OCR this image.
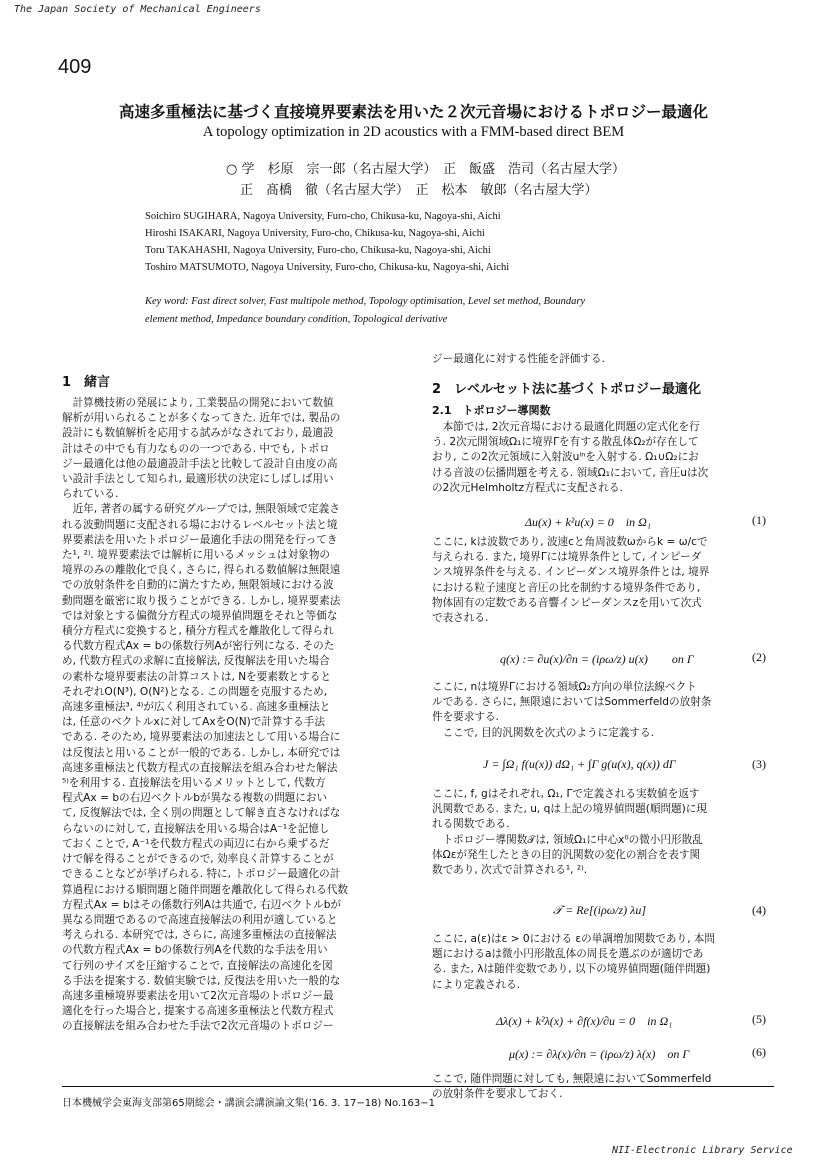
The Japan Society of Mechanical Engineers
409
高速多重極法に基づく直接境界要素法を用いた２次元音場におけるトポロジー最適化
A topology optimization in 2D acoustics with a FMM-based direct BEM
○ 学　杉原　宗一郎（名古屋大学）　正　飯盛　浩司（名古屋大学）
正　髙橋　徹（名古屋大学）　正　松本　敏郎（名古屋大学）
Soichiro SUGIHARA, Nagoya University, Furo-cho, Chikusa-ku, Nagoya-shi, Aichi
Hiroshi ISAKARI, Nagoya University, Furo-cho, Chikusa-ku, Nagoya-shi, Aichi
Toru TAKAHASHI, Nagoya University, Furo-cho, Chikusa-ku, Nagoya-shi, Aichi
Toshiro MATSUMOTO, Nagoya University, Furo-cho, Chikusa-ku, Nagoya-shi, Aichi
Key word: Fast direct solver, Fast multipole method, Topology optimisation, Level set method, Boundary
element method, Impedance boundary condition, Topological derivative
1　緒言
　計算機技術の発展により, 工業製品の開発において数値
解析が用いられることが多くなってきた. 近年では, 製品の
設計にも数値解析を応用する試みがなされており, 最適設
計はその中でも有力なものの一つである. 中でも, トポロ
ジー最適化は他の最適設計手法と比較して設計自由度の高
い設計手法として知られ, 最適形状の決定にしばしば用い
られている.
　近年, 著者の属する研究グループでは, 無限領域で定義さ
れる波動問題に支配される場におけるレベルセット法と境
界要素法を用いたトポロジー最適化手法の開発を行ってき
た¹, ²⁾. 境界要素法では解析に用いるメッシュは対象物の
境界のみの離散化で良く, さらに, 得られる数値解は無限遠
での放射条件を自動的に満たすため, 無限領域における波
動問題を厳密に取り扱うことができる. しかし, 境界要素法
では対象とする偏微分方程式の境界値問題をそれと等価な
積分方程式に変換すると, 積分方程式を離散化して得られ
る代数方程式Ax = bの係数行列Aが密行列になる. そのた
め, 代数方程式の求解に直接解法, 反復解法を用いた場合
の素朴な境界要素法の計算コストは, Nを要素数とすると
それぞれO(N³), O(N²)となる. この問題を克服するため,
高速多重極法³, ⁴⁾が広く利用されている. 高速多重極法と
は, 任意のベクトルxに対してAxをO(N)で計算する手法
である. そのため, 境界要素法の加速法として用いる場合に
は反復法と用いることが一般的である. しかし, 本研究では
高速多重極法と代数方程式の直接解法を組み合わせた解法
⁵⁾を利用する. 直接解法を用いるメリットとして, 代数方
程式Ax = bの右辺ベクトルbが異なる複数の問題におい
て, 反復解法では, 全く別の問題として解き直さなければな
らないのに対して, 直接解法を用いる場合はA⁻¹を記憶し
ておくことで, A⁻¹を代数方程式の両辺に右から乗ずるだ
けで解を得ることができるので, 効率良く計算することが
できることなどが挙げられる. 特に, トポロジー最適化の計
算過程における順問題と随伴問題を離散化して得られる代数
方程式Ax = bはその係数行列Aは共通で, 右辺ベクトルbが
異なる問題であるので高速直接解法の利用が適していると
考えられる. 本研究では, さらに, 高速多重極法の直接解法
の代数方程式Ax = bの係数行列Aを代数的な手法を用い
て行列のサイズを圧縮することで, 直接解法の高速化を図
る手法を提案する. 数値実験では, 反復法を用いた一般的な
高速多重極境界要素法を用いて2次元音場のトポロジー最
適化を行った場合と, 提案する高速多重極法と代数方程式
の直接解法を組み合わせた手法で2次元音場のトポロジー
ジー最適化に対する性能を評価する.
2　レベルセット法に基づくトポロジー最適化
2.1　トポロジー導関数
　本節では, 2次元音場における最適化問題の定式化を行
う. 2次元開領域Ω₁に境界Γを有する散乱体Ω₂が存在して
おり, この2次元領域に入射波uⁱⁿを入射する. Ω₁∪Ω₂にお
ける音波の伝播問題を考える. 領域Ω₁において, 音圧uは次
の2次元Helmholtz方程式に支配される.
Δu(x) + k²u(x) = 0　in Ω₁	(1)
ここに, kは波数であり, 波速cと角周波数ωからk = ω/cで
与えられる. また, 境界Γには境界条件として, インピーダ
ンス境界条件を与える. インピーダンス境界条件とは, 境界
における粒子速度と音圧の比を制約する境界条件であり,
物体固有の定数である音響インピーダンスzを用いて次式
で表される.
q(x) := ∂u(x)/∂n = (iρω/z) u(x)　　on Γ	(2)
ここに, nは境界Γにおける領域Ω₂方向の単位法線ベクト
ルである. さらに, 無限遠においてはSommerfeldの放射条
件を要求する.
　ここで, 目的汎関数を次式のように定義する.
J = ∫Ω₁ f(u(x)) dΩ₁ + ∫Γ g(u(x), q(x)) dΓ	(3)
ここに, f, gはそれぞれ, Ω₁, Γで定義される実数値を返す
汎関数である. また, u, qは上記の境界値問題(順問題)に現
れる関数である.
　トポロジー導関数𝒯は, 領域Ω₁に中心x⁰の微小円形散乱
体Ωεが発生したときの目的汎関数の変化の割合を表す関
数であり, 次式で計算される¹, ²⁾.
𝒯 = Re[(iρω/z) λu]	(4)
ここに, a(ε)はε > 0における εの単調増加関数であり, 本問
題におけるaは微小円形散乱体の周長を選ぶのが適切であ
る. また, λは随伴変数であり, 以下の境界値問題(随伴問題)
により定義される.
Δλ(x) + k²λ(x) + ∂f(x)/∂u = 0　in Ω₁	(5)
μ(x) := ∂λ(x)/∂n = (iρω/z) λ(x)　on Γ	(6)
ここで, 随伴問題に対しても, 無限遠においてSommerfeld
の放射条件を要求しておく.
日本機械学会東海支部第65期総会・講演会講演論文集(’16. 3. 17−18) No.163−1
NII-Electronic Library Service
